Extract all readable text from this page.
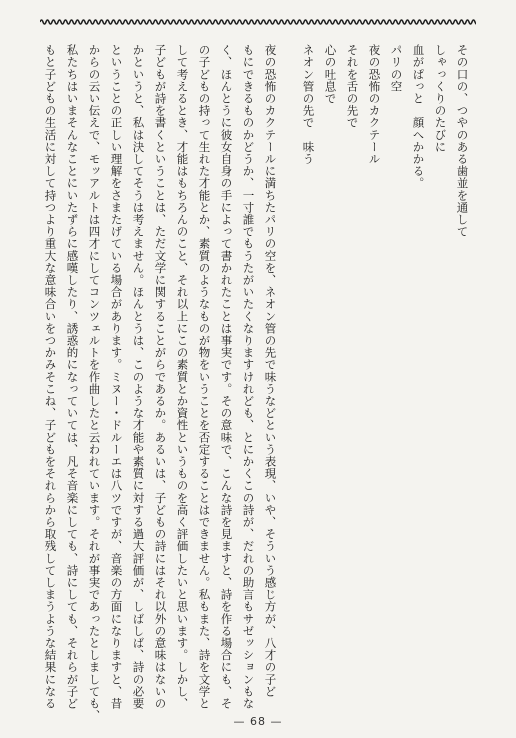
その口の、つやのある歯並を通して
しゃっくりのたびに
血がぱっと　顔へかかる。
パリの空
夜の恐怖のカクテール
それを舌の先で
心の吐息で
ネオン管の先で　味う
夜の恐怖のカクテールに満ちたパリの空を、ネオン管の先で味うなどという表現、いや、そういう感じ方が、八才の子ど
もにできるものかどうか、一寸誰でもうたがいたくなりますけれども、とにかくこの詩が、だれの助言もサゼッションもな
く、ほんとうに彼女自身の手によって書かれたことは事実です。その意味で、こんな詩を見ますと、詩を作る場合にも、そ
の子どもの持って生れた才能とか、素質のようなものが物をいうことを否定することはできません。私もまた、詩を文学と
して考えるとき、才能はもちろんのこと、それ以上にこの素質とか資性というものを高く評価したいと思います。しかし、
子どもが詩を書くということは、ただ文学に関することがらであるか。あるいは、子どもの詩にはそれ以外の意味はないの
かというと、私は決してそうは考えません。ほんとうは、このような才能や素質に対する過大評価が、しばしば、詩の必要
ということの正しい理解をさまたげている場合があります。ミヌー・ドルーエは八ツですが、音楽の方面になりますと、昔
からの云い伝えで、モッアルトは四才にしてコンツェルトを作曲したと云われています。それが事実であったとしましても、
私たちはいまそんなことにいたずらに感嘆したり、誘惑的になっていては、凡そ音楽にしても、詩にしても、それらが子ど
もと子どもの生活に対して持つより重大な意味合いをつかみそこね、子どもをそれらから取残してしまうような結果になる
— 68 —
